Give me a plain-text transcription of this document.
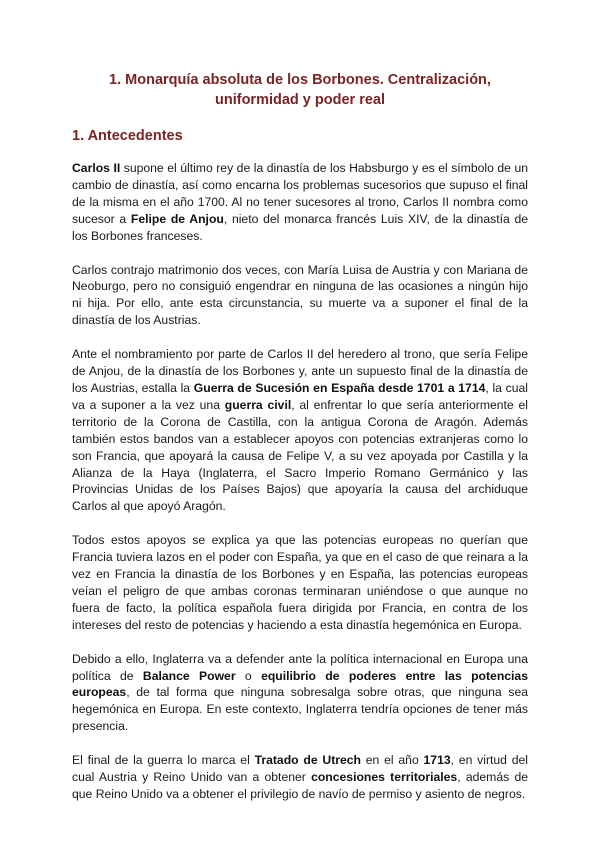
1. Monarquía absoluta de los Borbones. Centralización,
uniformidad y poder real
1. Antecedentes

Carlos II supone el último rey de la dinastía de los Habsburgo y es el símbolo de un cambio de dinastía, así como encarna los problemas sucesorios que supuso el final de la misma en el año 1700. Al no tener sucesores al trono, Carlos II nombra como sucesor a Felipe de Anjou, nieto del monarca francés Luis XIV, de la dinastía de los Borbones franceses.

Carlos contrajo matrimonio dos veces, con María Luisa de Austria y con Mariana de Neoburgo, pero no consiguió engendrar en ninguna de las ocasiones a ningún hijo ni hija. Por ello, ante esta circunstancia, su muerte va a suponer el final de la dinastía de los Austrias.

Ante el nombramiento por parte de Carlos II del heredero al trono, que sería Felipe de Anjou, de la dinastía de los Borbones y, ante un supuesto final de la dinastía de los Austrias, estalla la Guerra de Sucesión en España desde 1701 a 1714, la cual va a suponer a la vez una guerra civil, al enfrentar lo que sería anteriormente el territorio de la Corona de Castilla, con la antigua Corona de Aragón. Además también estos bandos van a establecer apoyos con potencias extranjeras como lo son Francia, que apoyará la causa de Felipe V, a su vez apoyada por Castilla y la Alianza de la Haya (Inglaterra, el Sacro Imperio Romano Germánico y las Provincias Unidas de los Países Bajos) que apoyaría la causa del archiduque Carlos al que apoyó Aragón.

Todos estos apoyos se explica ya que las potencias europeas no querían que Francia tuviera lazos en el poder con España, ya que en el caso de que reinara a la vez en Francia la dinastía de los Borbones y en España, las potencias europeas veían el peligro de que ambas coronas terminaran uniéndose o que aunque no fuera de facto, la política española fuera dirigida por Francia, en contra de los intereses del resto de potencias y haciendo a esta dinastía hegemónica en Europa.

Debido a ello, Inglaterra va a defender ante la política internacional en Europa una política de Balance Power o equilibrio de poderes entre las potencias europeas, de tal forma que ninguna sobresalga sobre otras, que ninguna sea hegemónica en Europa. En este contexto, Inglaterra tendría opciones de tener más presencia.

El final de la guerra lo marca el Tratado de Utrech en el año 1713, en virtud del cual Austria y Reino Unido van a obtener concesiones territoriales, además de que Reino Unido va a obtener el privilegio de navío de permiso y asiento de negros.
